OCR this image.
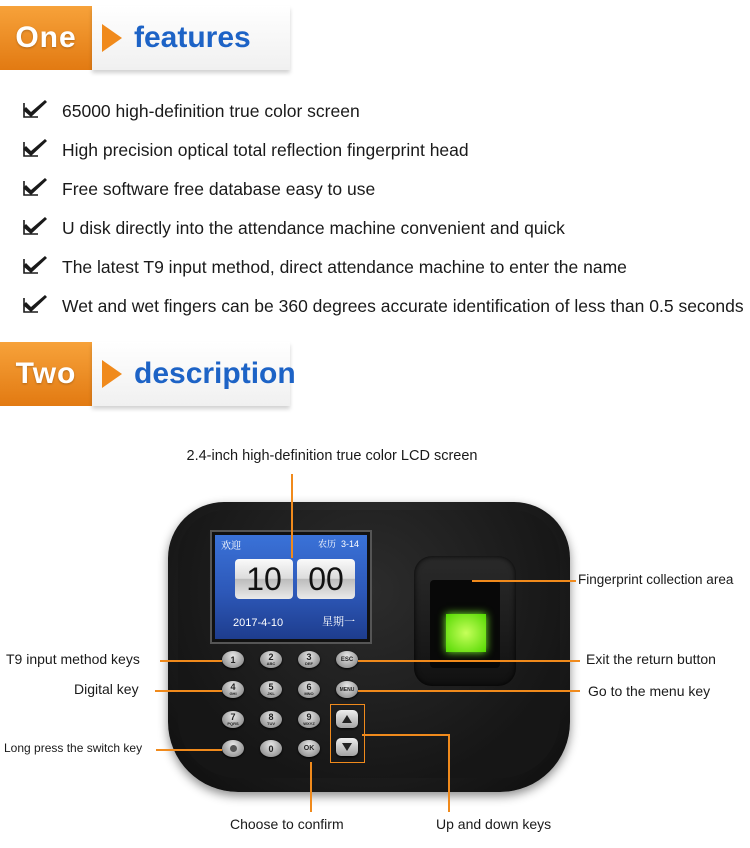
One	features
65000 high-definition true color screen
High precision optical total reflection fingerprint head
Free software free database easy to use
U disk directly into the attendance machine convenient and quick
The latest T9 input method, direct attendance machine to enter the name
Wet and wet fingers can be 360 degrees accurate identification of less than 0.5 seconds
Two	description
2.4-inch high-definition true color LCD screen
欢迎	农历 3-14
10 00
2017-4-10	星期一
1	2
ABC
3
DEF
ESC
4
GHI
5
JKL
6
MNO
MENU
7
PQRS
8
TUV
9
WXYZ
0	OK
Fingerprint collection area
T9 input method keys	Exit the return button
Digital key	Go to the menu key
Long press the switch key
Choose to confirm	Up and down keys
